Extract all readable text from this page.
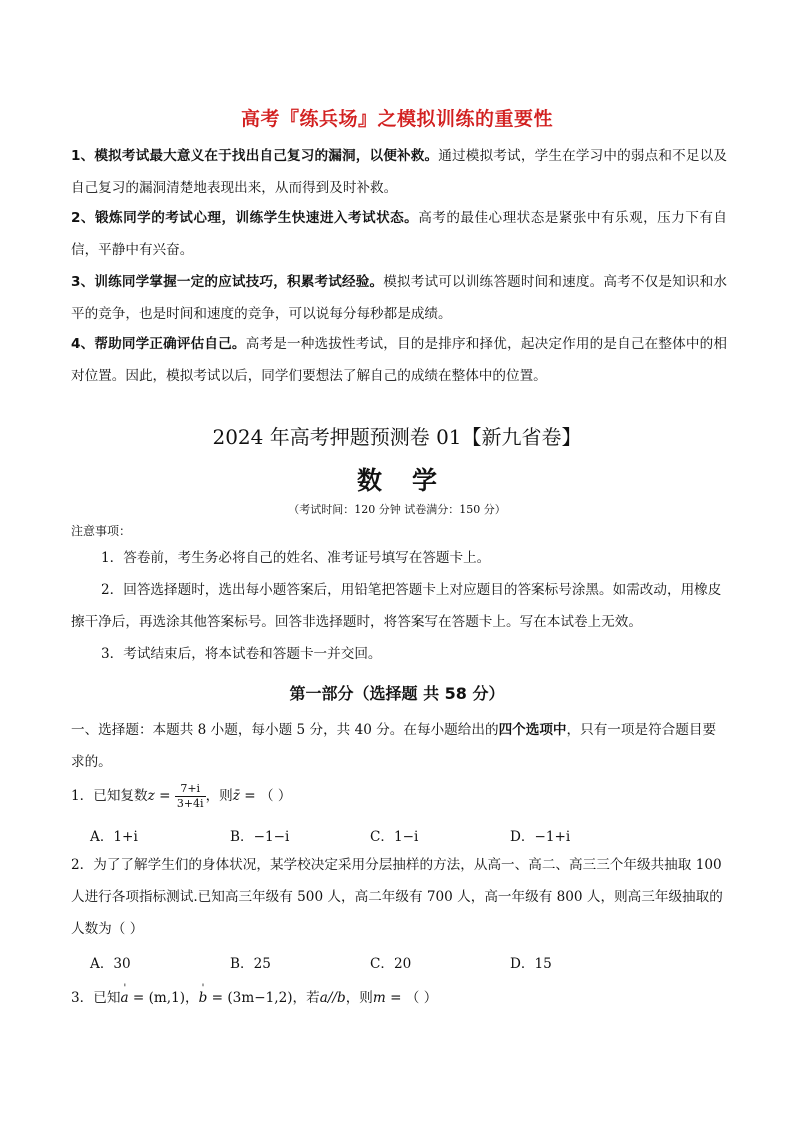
高考『练兵场』之模拟训练的重要性
1、模拟考试最大意义在于找出自己复习的漏洞，以便补救。通过模拟考试，学生在学习中的弱点和不足以及自己复习的漏洞清楚地表现出来，从而得到及时补救。
2、锻炼同学的考试心理，训练学生快速进入考试状态。高考的最佳心理状态是紧张中有乐观，压力下有自信，平静中有兴奋。
3、训练同学掌握一定的应试技巧，积累考试经验。模拟考试可以训练答题时间和速度。高考不仅是知识和水平的竞争，也是时间和速度的竞争，可以说每分每秒都是成绩。
4、帮助同学正确评估自己。高考是一种选拔性考试，目的是排序和择优，起决定作用的是自己在整体中的相对位置。因此，模拟考试以后，同学们要想法了解自己的成绩在整体中的位置。
2024 年高考押题预测卷 01【新九省卷】
数学
（考试时间：120 分钟 试卷满分：150 分）
注意事项：
1．答卷前，考生务必将自己的姓名、准考证号填写在答题卡上。
2．回答选择题时，选出每小题答案后，用铅笔把答题卡上对应题目的答案标号涂黑。如需改动，用橡皮擦干净后，再选涂其他答案标号。回答非选择题时，将答案写在答题卡上。写在本试卷上无效。
3．考试结束后，将本试卷和答题卡一并交回。
第一部分（选择题 共 58 分）
一、选择题：本题共 8 小题，每小题 5 分，共 40 分。在每小题给出的四个选项中，只有一项是符合题目要求的。
1．已知复数$z = \frac{7+i}{3+4i}$ ，则z̄ = （ ）
A．1+i	B．−1−i	C．1−i	D．−1+i
2．为了了解学生们的身体状况，某学校决定采用分层抽样的方法，从高一、高二、高三三个年级共抽取 100 人进行各项指标测试.已知高三年级有 500 人，高二年级有 700 人，高一年级有 800 人，则高三年级抽取的人数为（ ）
A．30	B．25	C．20	D．15
3．已知' a = (m,1)，' b = (3m−1,2)，若a//b，则m = （ ）
